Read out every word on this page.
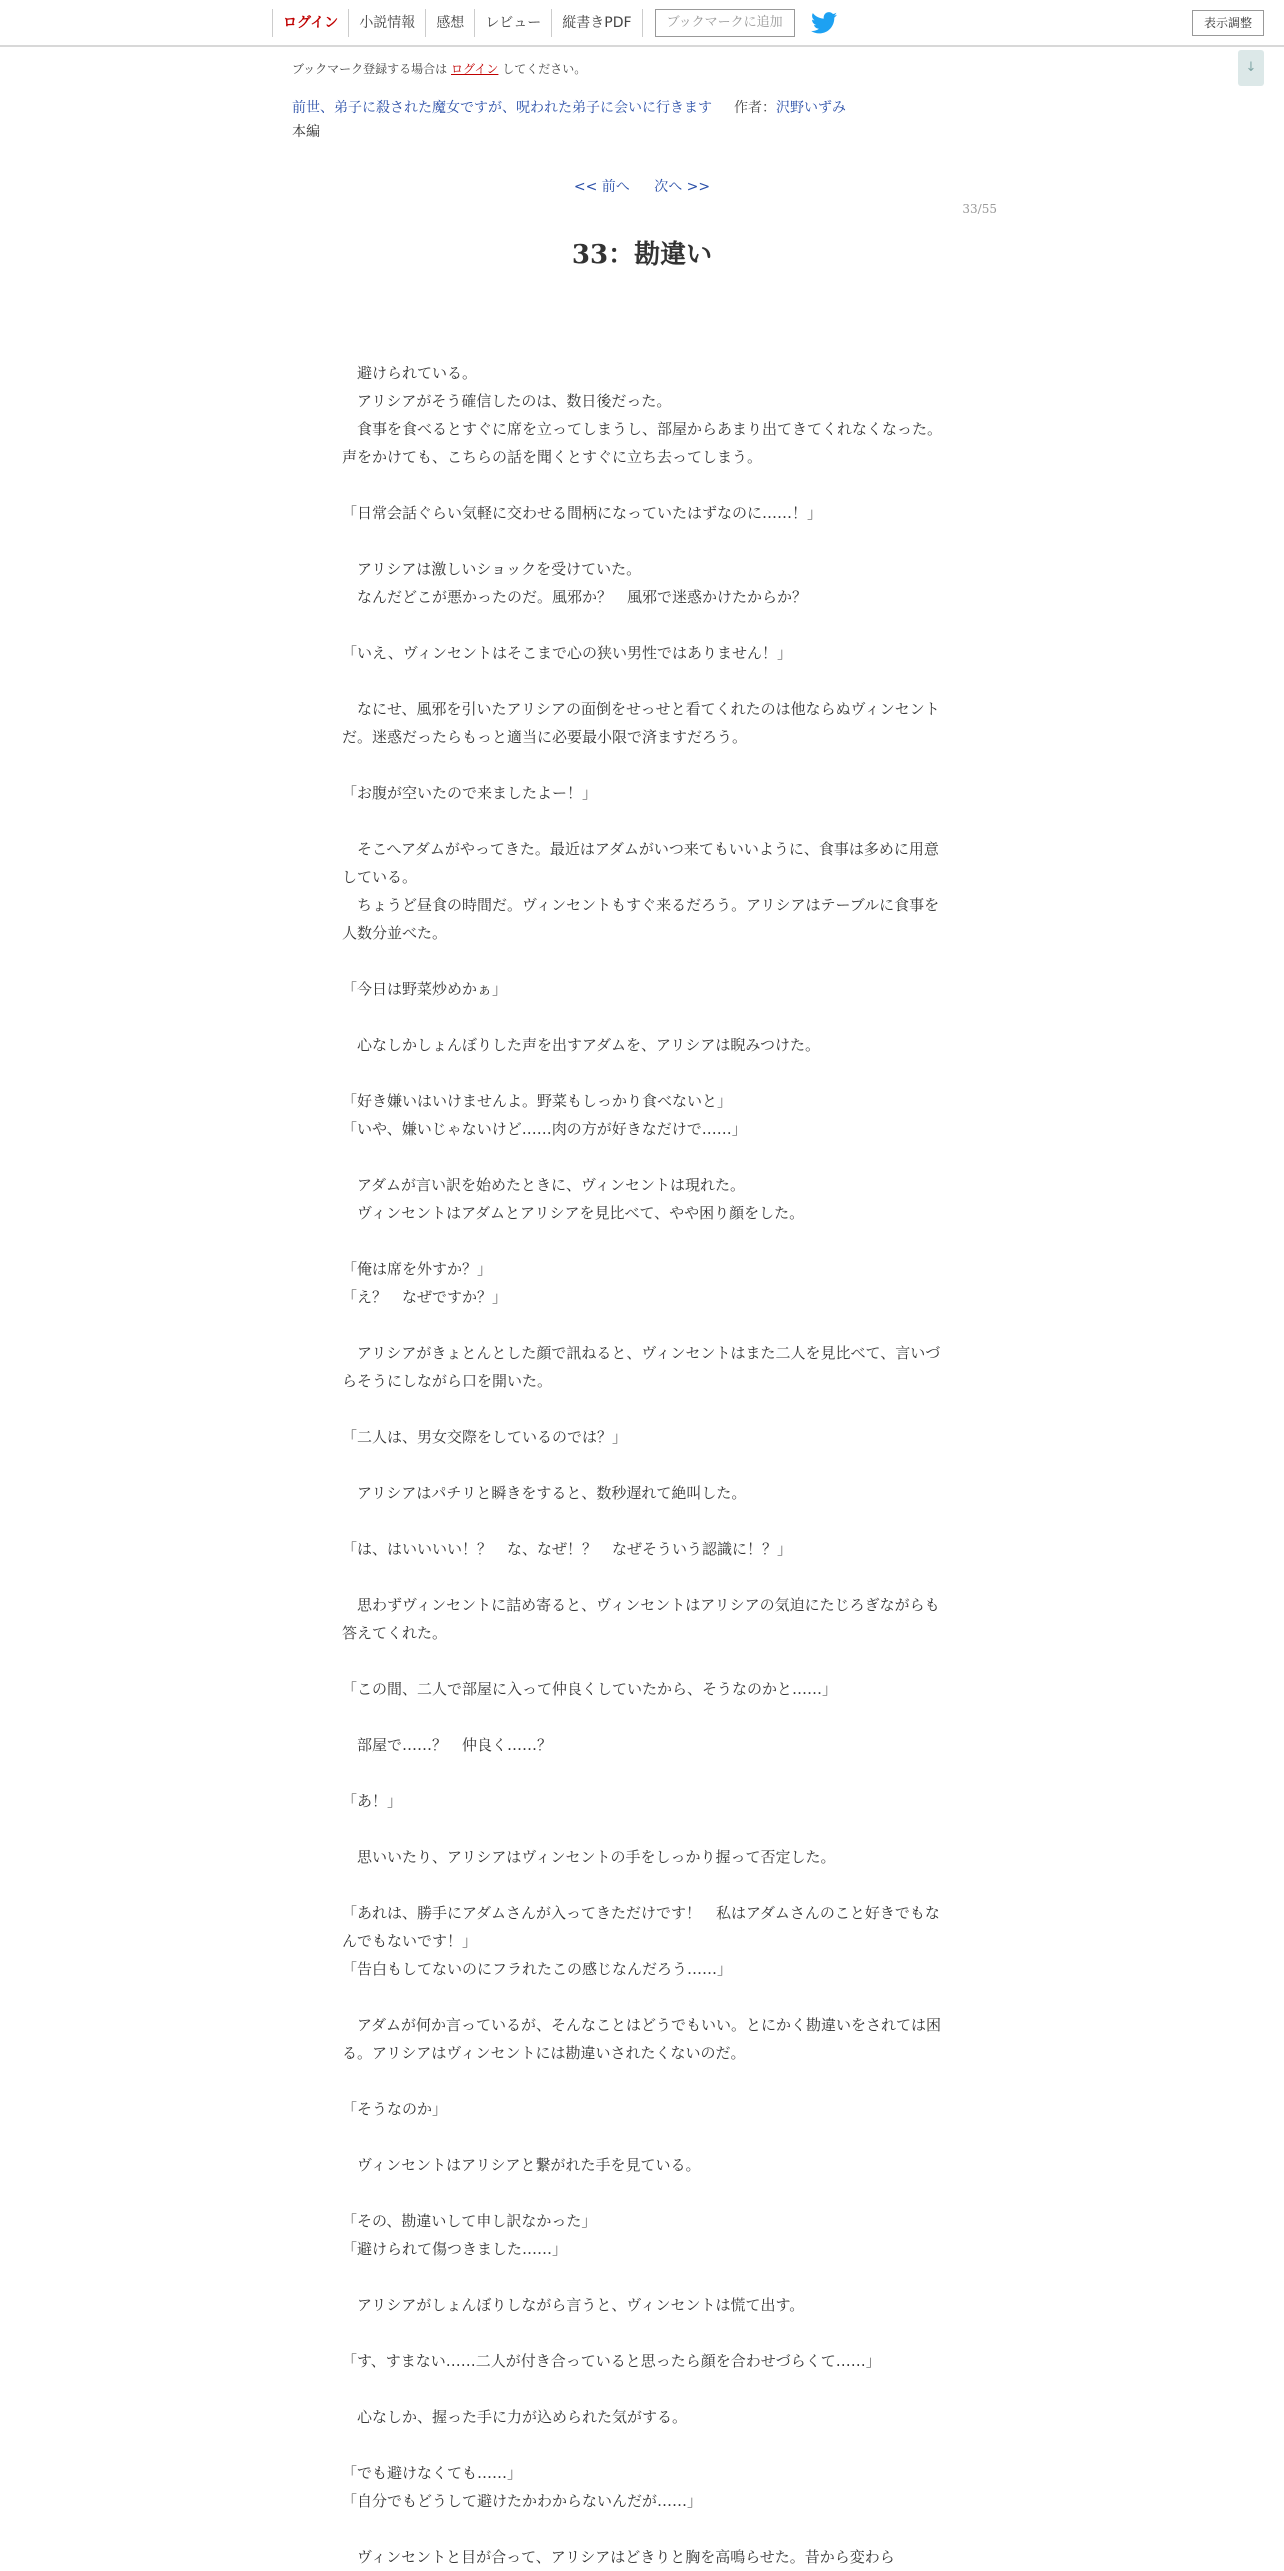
ログイン	小説情報	感想	レビュー	縦書きPDF	ブックマークに追加	表示調整
↓
ブックマーク登録する場合は ログイン してください。
前世、弟子に殺された魔女ですが、呪われた弟子に会いに行きます 作者：沢野いずみ
本編
<< 前へ 次へ >>
33/55
33：勘違い

　避けられている。

　アリシアがそう確信したのは、数日後だった。

　食事を食べるとすぐに席を立ってしまうし、部屋からあまり出てきてくれなくなった。声をかけても、こちらの話を聞くとすぐに立ち去ってしまう。

「日常会話ぐらい気軽に交わせる間柄になっていたはずなのに……！」

　アリシアは激しいショックを受けていた。

　なんだどこが悪かったのだ。風邪か？　風邪で迷惑かけたからか？

「いえ、ヴィンセントはそこまで心の狭い男性ではありません！」

　なにせ、風邪を引いたアリシアの面倒をせっせと看てくれたのは他ならぬヴィンセントだ。迷惑だったらもっと適当に必要最小限で済ますだろう。

「お腹が空いたので来ましたよー！」

　そこへアダムがやってきた。最近はアダムがいつ来てもいいように、食事は多めに用意している。

　ちょうど昼食の時間だ。ヴィンセントもすぐ来るだろう。アリシアはテーブルに食事を人数分並べた。

「今日は野菜炒めかぁ」

　心なしかしょんぼりした声を出すアダムを、アリシアは睨みつけた。

「好き嫌いはいけませんよ。野菜もしっかり食べないと」

「いや、嫌いじゃないけど……肉の方が好きなだけで……」

　アダムが言い訳を始めたときに、ヴィンセントは現れた。

　ヴィンセントはアダムとアリシアを見比べて、やや困り顔をした。

「俺は席を外すか？」

「え？　なぜですか？」

　アリシアがきょとんとした顔で訊ねると、ヴィンセントはまた二人を見比べて、言いづらそうにしながら口を開いた。

「二人は、男女交際をしているのでは？」

　アリシアはパチリと瞬きをすると、数秒遅れて絶叫した。

「は、はいいいい！？　な、なぜ！？　なぜそういう認識に！？」

　思わずヴィンセントに詰め寄ると、ヴィンセントはアリシアの気迫にたじろぎながらも答えてくれた。

「この間、二人で部屋に入って仲良くしていたから、そうなのかと……」

　部屋で……？　仲良く……？

「あ！」

　思いいたり、アリシアはヴィンセントの手をしっかり握って否定した。

「あれは、勝手にアダムさんが入ってきただけです！　私はアダムさんのこと好きでもなんでもないです！」

「告白もしてないのにフラれたこの感じなんだろう……」

　アダムが何か言っているが、そんなことはどうでもいい。とにかく勘違いをされては困る。アリシアはヴィンセントには勘違いされたくないのだ。

「そうなのか」

　ヴィンセントはアリシアと繋がれた手を見ている。

「その、勘違いして申し訳なかった」

「避けられて傷つきました……」

　アリシアがしょんぼりしながら言うと、ヴィンセントは慌て出す。

「す、すまない……二人が付き合っていると思ったら顔を合わせづらくて……」

　心なしか、握った手に力が込められた気がする。

「でも避けなくても……」

「自分でもどうして避けたかわからないんだが……」

　ヴィンセントと目が合って、アリシアはどきりと胸を高鳴らせた。昔から変わら
